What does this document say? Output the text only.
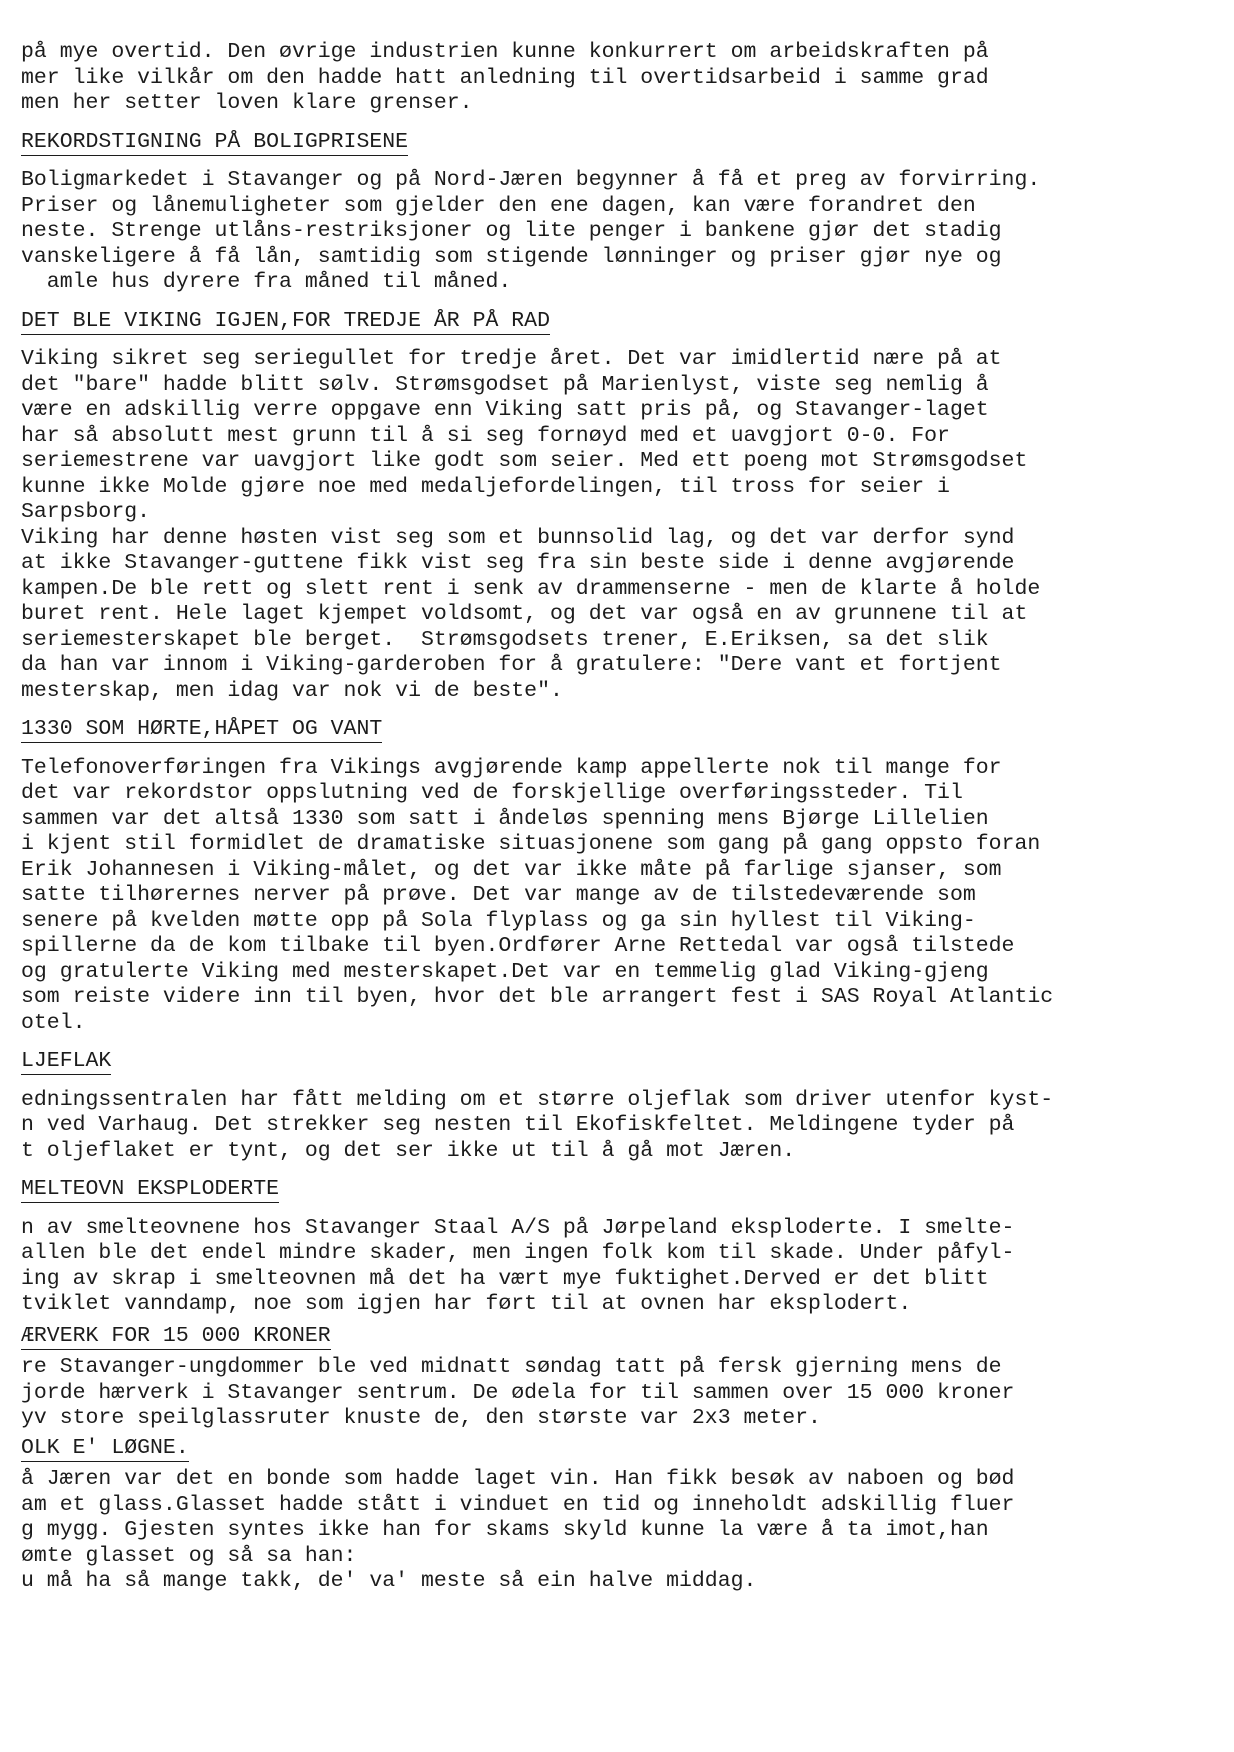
på mye overtid. Den øvrige industrien kunne konkurrert om arbeidskraften på
mer like vilkår om den hadde hatt anledning til overtidsarbeid i samme grad
men her setter loven klare grenser.
REKORDSTIGNING PÅ BOLIGPRISENE
Boligmarkedet i Stavanger og på Nord-Jæren begynner å få et preg av forvirring.
Priser og lånemuligheter som gjelder den ene dagen, kan være forandret den
neste. Strenge utlåns-restriksjoner og lite penger i bankene gjør det stadig
vanskeligere å få lån, samtidig som stigende lønninger og priser gjør nye og
amle hus dyrere fra måned til måned.
DET BLE VIKING IGJEN,FOR TREDJE ÅR PÅ RAD
Viking sikret seg seriegullet for tredje året. Det var imidlertid nære på at
det "bare" hadde blitt sølv. Strømsgodset på Marienlyst, viste seg nemlig å
være en adskillig verre oppgave enn Viking satt pris på, og Stavanger-laget
har så absolutt mest grunn til å si seg fornøyd med et uavgjort 0-0. For
seriemestrene var uavgjort like godt som seier. Med ett poeng mot Strømsgodset
kunne ikke Molde gjøre noe med medaljefordelingen, til tross for seier i
Sarpsborg.
Viking har denne høsten vist seg som et bunnsolid lag, og det var derfor synd
at ikke Stavanger-guttene fikk vist seg fra sin beste side i denne avgjørende
kampen.De ble rett og slett rent i senk av drammenserne - men de klarte å holde
buret rent. Hele laget kjempet voldsomt, og det var også en av grunnene til at
seriemesterskapet ble berget.  Strømsgodsets trener, E.Eriksen, sa det slik
da han var innom i Viking-garderoben for å gratulere: "Dere vant et fortjent
mesterskap, men idag var nok vi de beste".
1330 SOM HØRTE,HÅPET OG VANT
Telefonoverføringen fra Vikings avgjørende kamp appellerte nok til mange for
det var rekordstor oppslutning ved de forskjellige overføringssteder. Til
sammen var det altså 1330 som satt i åndeløs spenning mens Bjørge Lillelien
i kjent stil formidlet de dramatiske situasjonene som gang på gang oppsto foran
Erik Johannesen i Viking-målet, og det var ikke måte på farlige sjanser, som
satte tilhørernes nerver på prøve. Det var mange av de tilstedeværende som
senere på kvelden møtte opp på Sola flyplass og ga sin hyllest til Viking-
spillerne da de kom tilbake til byen.Ordfører Arne Rettedal var også tilstede
og gratulerte Viking med mesterskapet.Det var en temmelig glad Viking-gjeng
som reiste videre inn til byen, hvor det ble arrangert fest i SAS Royal Atlantic
otel.
LJEFLAK
edningssentralen har fått melding om et større oljeflak som driver utenfor kyst-
n ved Varhaug. Det strekker seg nesten til Ekofiskfeltet. Meldingene tyder på
t oljeflaket er tynt, og det ser ikke ut til å gå mot Jæren.
MELTEOVN EKSPLODERTE
n av smelteovnene hos Stavanger Staal A/S på Jørpeland eksploderte. I smelte-
allen ble det endel mindre skader, men ingen folk kom til skade. Under påfyl-
ing av skrap i smelteovnen må det ha vært mye fuktighet.Derved er det blitt
tviklet vanndamp, noe som igjen har ført til at ovnen har eksplodert.
ÆRVERK FOR 15 000 KRONER
re Stavanger-ungdommer ble ved midnatt søndag tatt på fersk gjerning mens de
jorde hærverk i Stavanger sentrum. De ødela for til sammen over 15 000 kroner
yv store speilglassruter knuste de, den største var 2x3 meter.
OLK E' LØGNE.
å Jæren var det en bonde som hadde laget vin. Han fikk besøk av naboen og bød
am et glass.Glasset hadde stått i vinduet en tid og inneholdt adskillig fluer
g mygg. Gjesten syntes ikke han for skams skyld kunne la være å ta imot,han
ømte glasset og så sa han:
u må ha så mange takk, de' va' meste så ein halve middag.
